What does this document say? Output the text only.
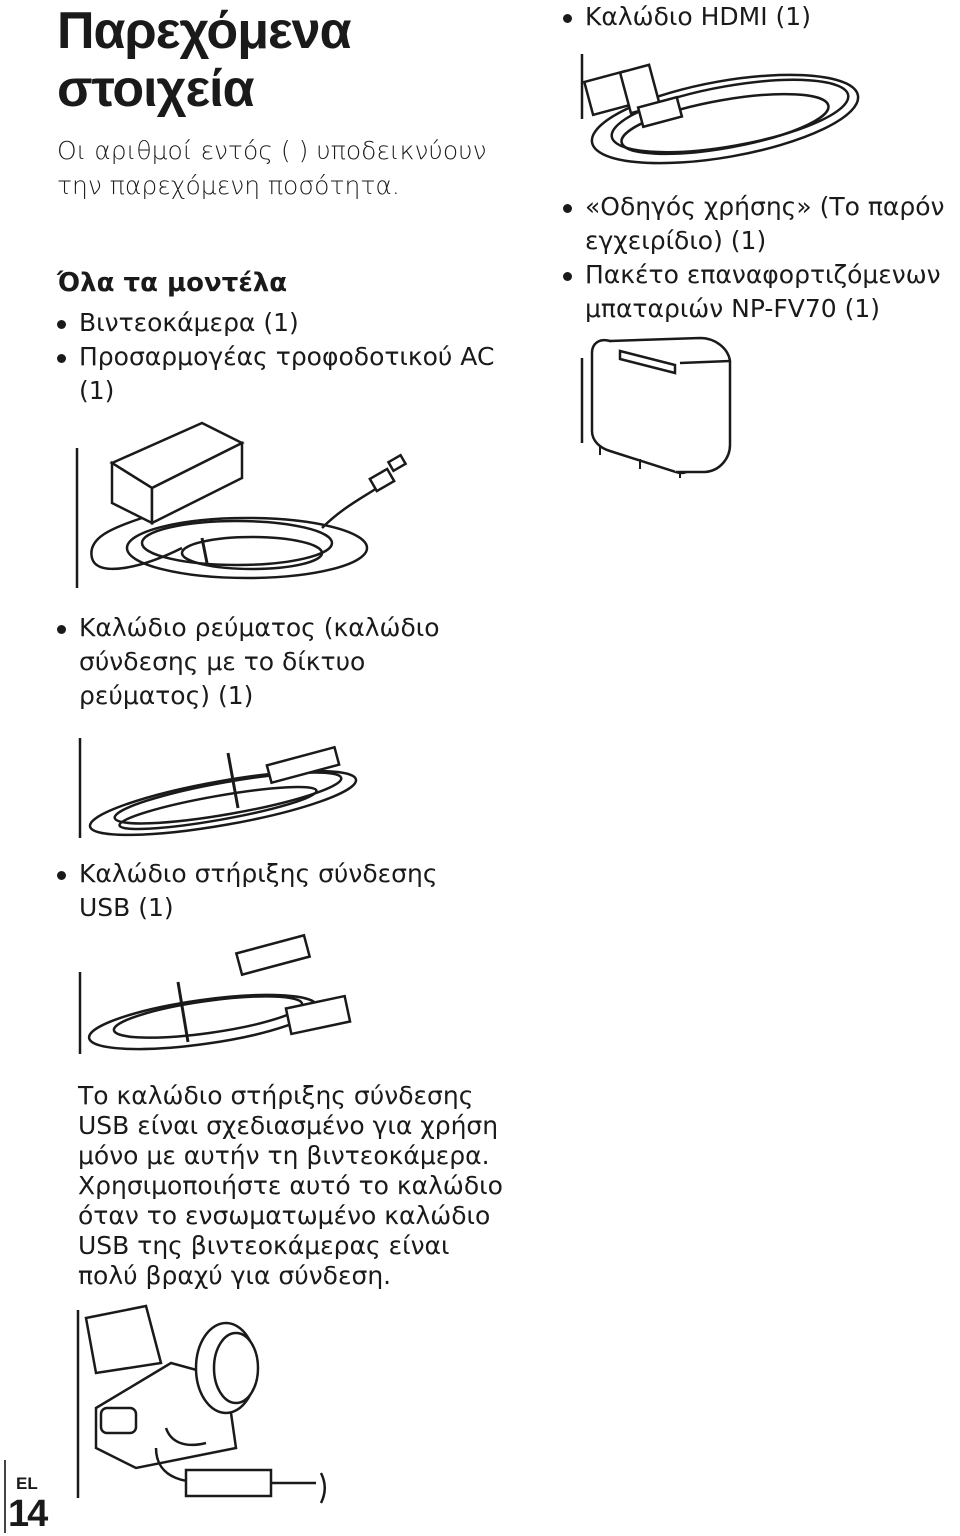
Παρεχόμενα στοιχεία
Οι αριθμοί εντός ( ) υποδεικνύουν την παρεχόμενη ποσότητα.
Όλα τα μοντέλα
Βιντεοκάμερα (1)
Προσαρμογέας τροφοδοτικού AC (1)
Καλώδιο ρεύματος (καλώδιο σύνδεσης με το δίκτυο ρεύματος) (1)
Καλώδιο στήριξης σύνδεσης USB (1)
Το καλώδιο στήριξης σύνδεσης USB είναι σχεδιασμένο για χρήση μόνο με αυτήν τη βιντεοκάμερα. Χρησιμοποιήστε αυτό το καλώδιο όταν το ενσωματωμένο καλώδιο USB της βιντεοκάμερας είναι πολύ βραχύ για σύνδεση.
Καλώδιο HDMI (1)
«Οδηγός χρήσης» (Το παρόν εγχειρίδιο) (1)
Πακέτο επαναφορτιζόμενων μπαταριών NP-FV70 (1)
EL
14
